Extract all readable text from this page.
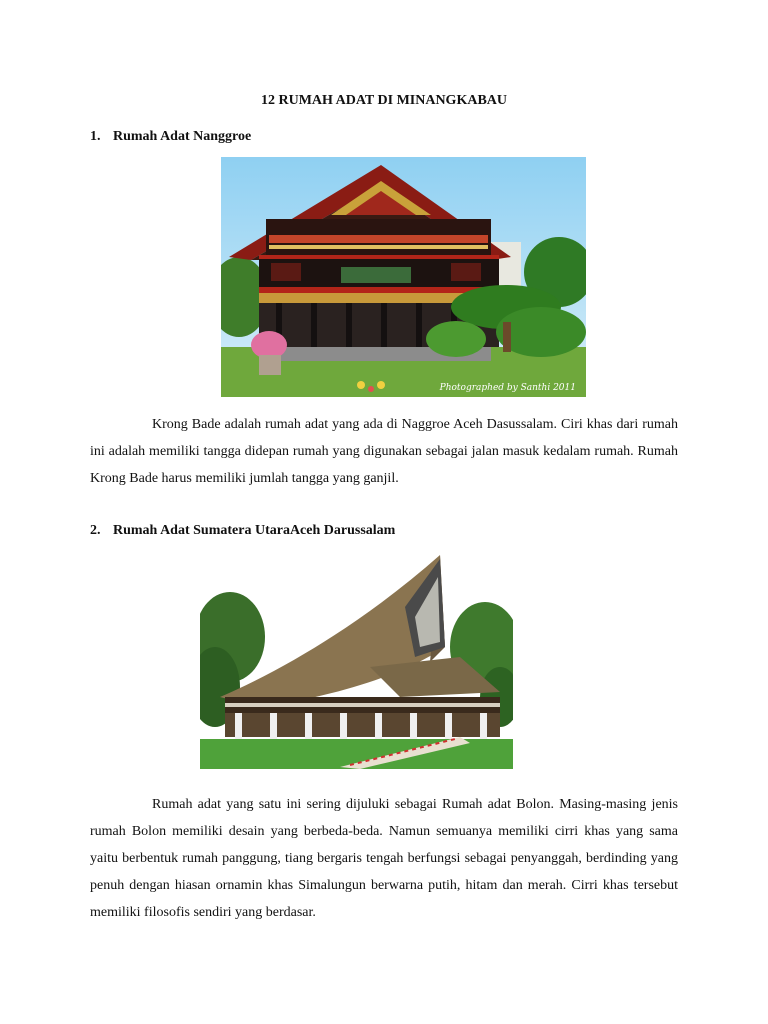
12 RUMAH ADAT DI MINANGKABAU
1. Rumah Adat Nanggroe
Photographed by Santhi 2011

Krong Bade adalah rumah adat yang ada di Naggroe Aceh Dasussalam. Ciri khas dari rumah ini adalah memiliki tangga didepan rumah yang digunakan sebagai jalan masuk kedalam rumah. Rumah Krong Bade harus memiliki jumlah tangga yang ganjil.

2. Rumah Adat Sumatera UtaraAceh Darussalam

Rumah adat yang satu ini sering dijuluki sebagai Rumah adat Bolon. Masing-masing jenis rumah Bolon memiliki desain yang berbeda-beda. Namun semuanya memiliki cirri khas yang sama yaitu berbentuk rumah panggung, tiang bergaris tengah berfungsi sebagai penyanggah, berdinding yang penuh dengan hiasan ornamin khas Simalungun berwarna putih, hitam dan merah. Cirri khas tersebut memiliki filosofis sendiri yang berdasar.
